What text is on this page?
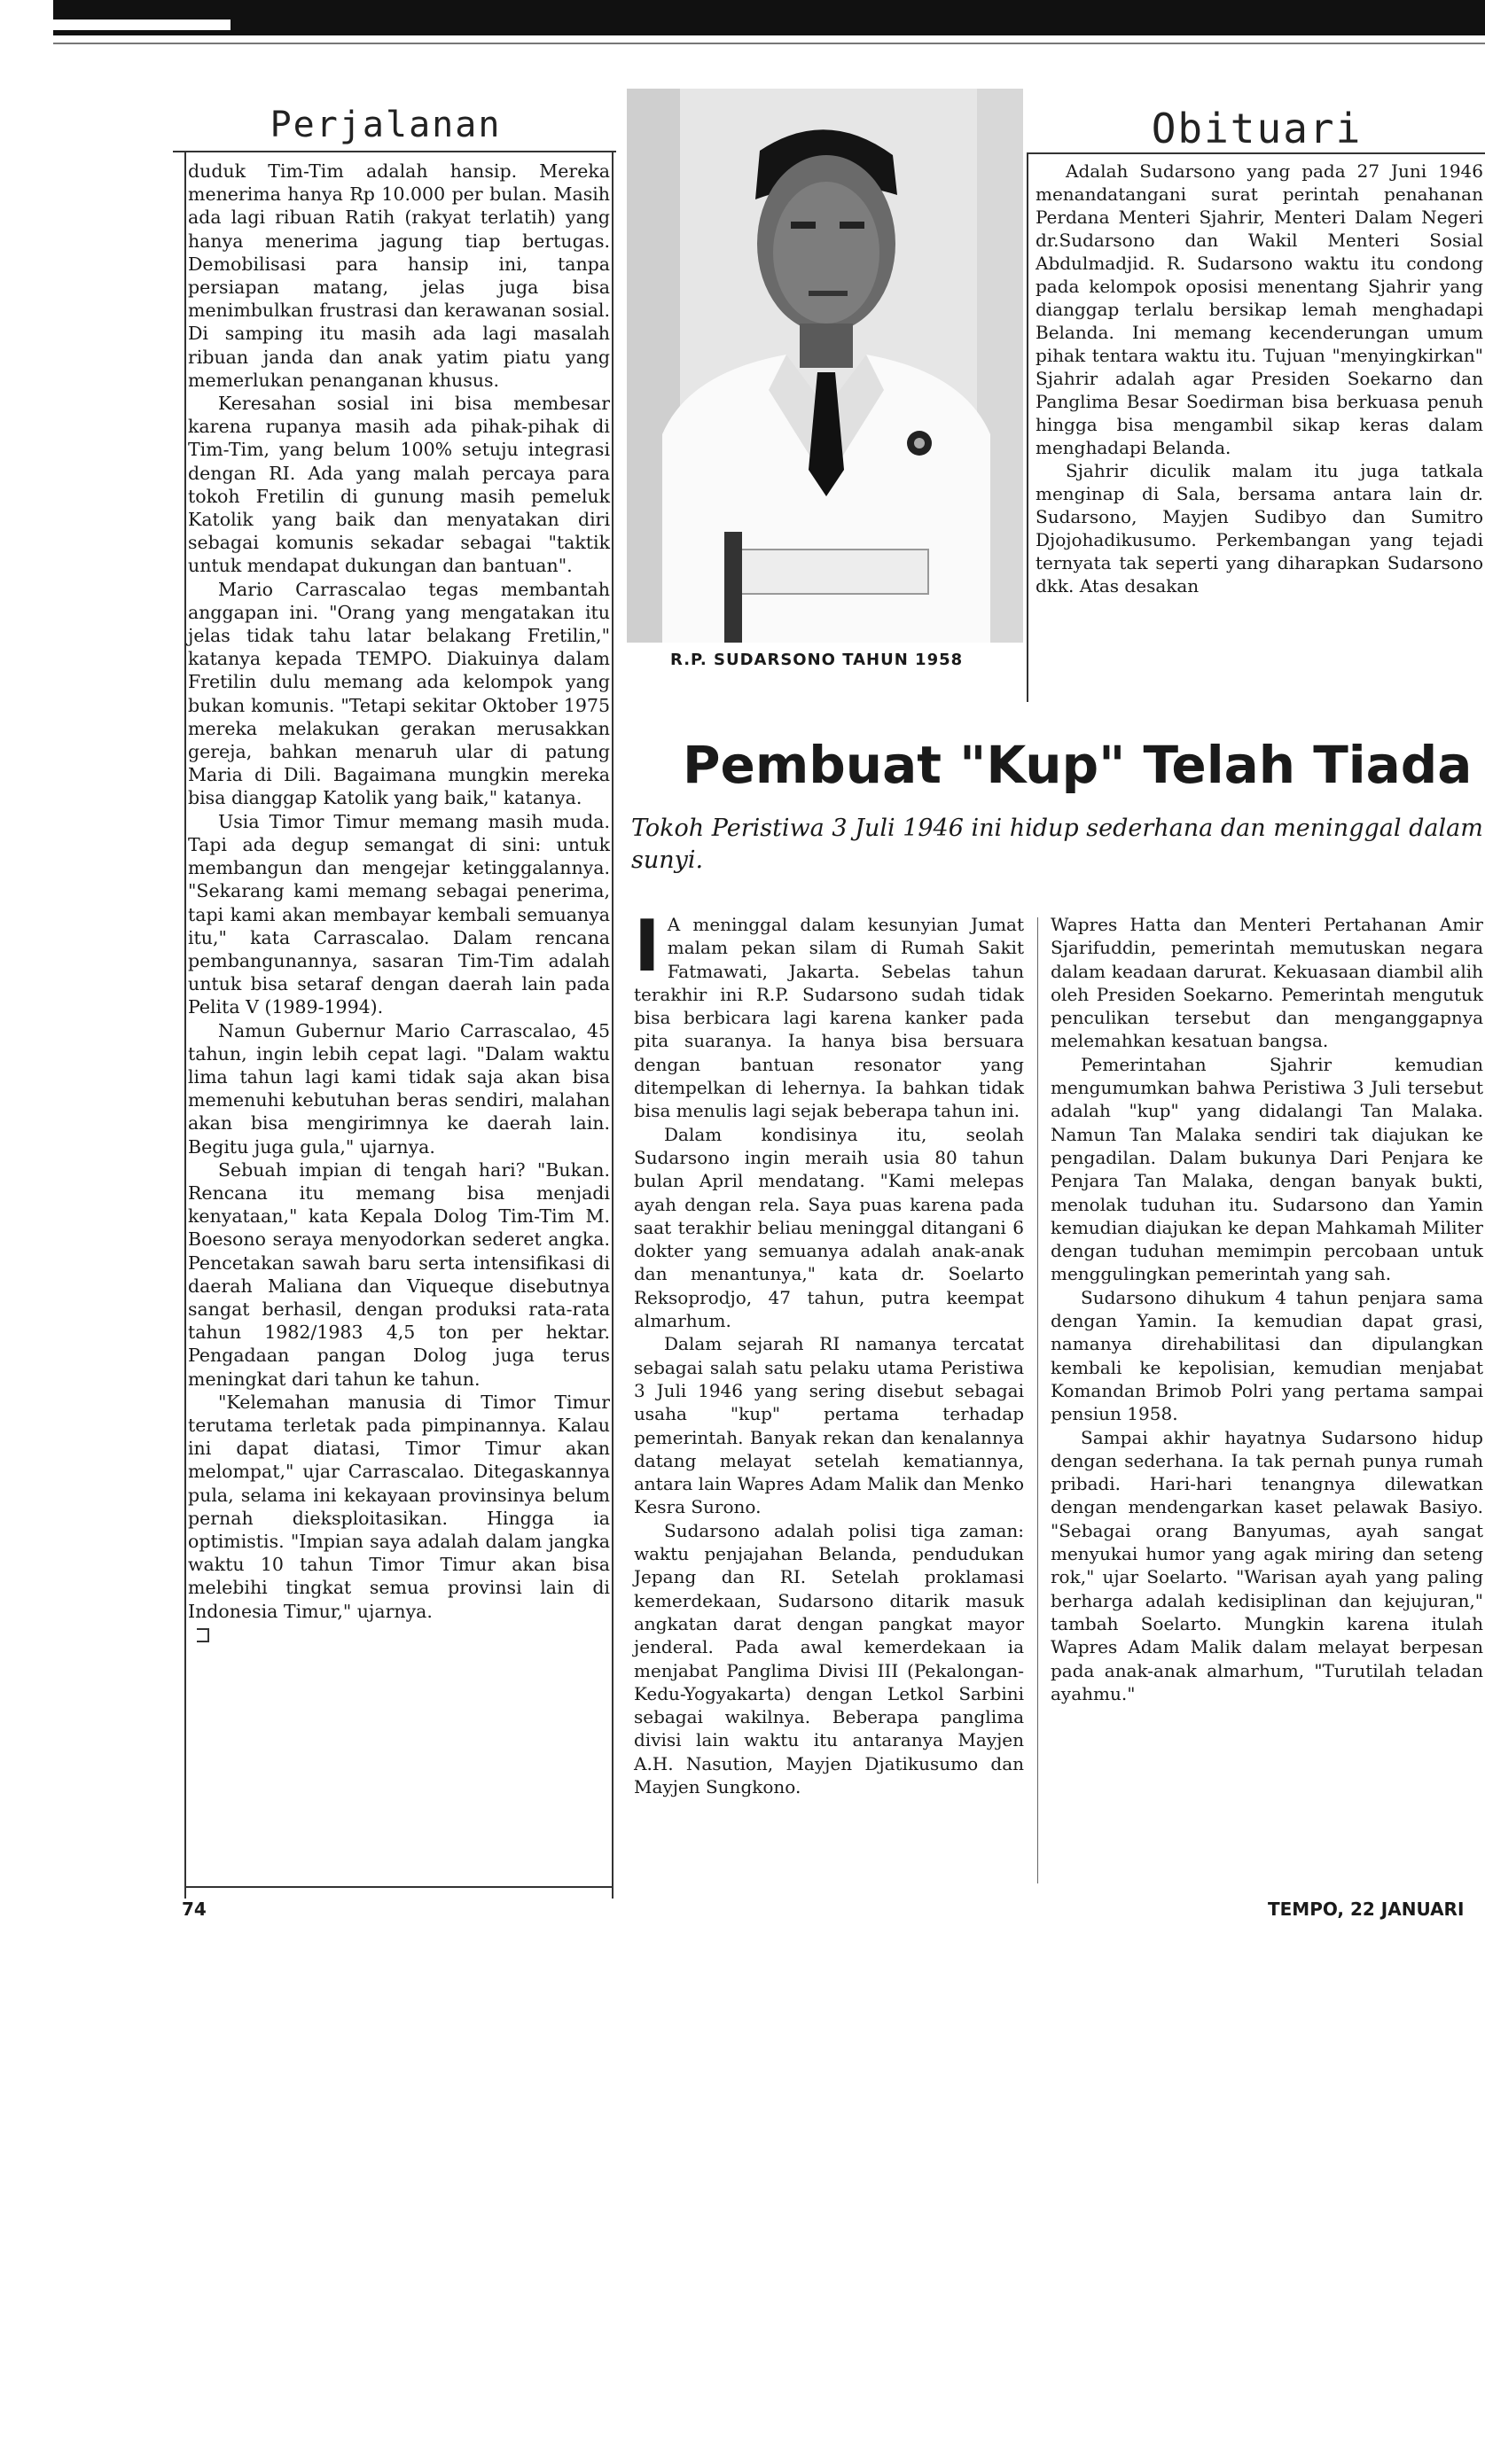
Perjalanan	Obituari

duduk Tim-Tim adalah hansip. Mereka menerima hanya Rp 10.000 per bulan. Masih ada lagi ribuan Ratih (rakyat terlatih) yang hanya menerima jagung tiap bertugas. Demobilisasi para hansip ini, tanpa persiapan matang, jelas juga bisa menimbulkan frustrasi dan kerawanan sosial. Di samping itu masih ada lagi masalah ribuan janda dan anak yatim piatu yang memerlukan penanganan khusus.

Keresahan sosial ini bisa membesar karena rupanya masih ada pihak-pihak di Tim-Tim, yang belum 100% setuju integrasi dengan RI. Ada yang malah percaya para tokoh Fretilin di gunung masih pemeluk Katolik yang baik dan menyatakan diri sebagai komunis sekadar sebagai "taktik untuk mendapat dukungan dan bantuan".

Mario Carrascalao tegas membantah anggapan ini. "Orang yang mengatakan itu jelas tidak tahu latar belakang Fretilin," katanya kepada TEMPO. Diakuinya dalam Fretilin dulu memang ada kelompok yang bukan komunis. "Tetapi sekitar Oktober 1975 mereka melakukan gerakan merusakkan gereja, bahkan menaruh ular di patung Maria di Dili. Bagaimana mungkin mereka bisa dianggap Katolik yang baik," katanya.

Usia Timor Timur memang masih muda. Tapi ada degup semangat di sini: untuk membangun dan mengejar ketinggalannya. "Sekarang kami memang sebagai penerima, tapi kami akan membayar kembali semuanya itu," kata Carrascalao. Dalam rencana pembangunannya, sasaran Tim-Tim adalah untuk bisa setaraf dengan daerah lain pada Pelita V (1989-1994).

Namun Gubernur Mario Carrascalao, 45 tahun, ingin lebih cepat lagi. "Dalam waktu lima tahun lagi kami tidak saja akan bisa memenuhi kebutuhan beras sendiri, malahan akan bisa mengirimnya ke daerah lain. Begitu juga gula," ujarnya.

Sebuah impian di tengah hari? "Bukan. Rencana itu memang bisa menjadi kenyataan," kata Kepala Dolog Tim-Tim M. Boesono seraya menyodorkan sederet angka. Pencetakan sawah baru serta intensifikasi di daerah Maliana dan Viqueque disebutnya sangat berhasil, dengan produksi rata-rata tahun 1982/1983 4,5 ton per hektar. Pengadaan pangan Dolog juga terus meningkat dari tahun ke tahun.

"Kelemahan manusia di Timor Timur terutama terletak pada pimpinannya. Kalau ini dapat diatasi, Timor Timur akan melompat," ujar Carrascalao. Ditegaskannya pula, selama ini kekayaan provinsinya belum pernah dieksploitasikan. Hingga ia optimistis. "Impian saya adalah dalam jangka waktu 10 tahun Timor Timur akan bisa melebihi tingkat semua provinsi lain di Indonesia Timur," ujarnya.

R.P. SUDARSONO TAHUN 1958

Adalah Sudarsono yang pada 27 Juni 1946 menandatangani surat perintah penahanan Perdana Menteri Sjahrir, Menteri Dalam Negeri dr.Sudarsono dan Wakil Menteri Sosial Abdulmadjid. R. Sudarsono waktu itu condong pada kelompok oposisi menentang Sjahrir yang dianggap terlalu bersikap lemah menghadapi Belanda. Ini memang kecenderungan umum pihak tentara waktu itu. Tujuan "menyingkirkan" Sjahrir adalah agar Presiden Soekarno dan Panglima Besar Soedirman bisa berkuasa penuh hingga bisa mengambil sikap keras dalam menghadapi Belanda.

Sjahrir diculik malam itu juga tatkala menginap di Sala, bersama antara lain dr. Sudarsono, Mayjen Sudibyo dan Sumitro Djojohadikusumo. Perkembangan yang tejadi ternyata tak seperti yang diharapkan Sudarsono dkk. Atas desakan

Pembuat "Kup" Telah Tiada
Tokoh Peristiwa 3 Juli 1946 ini hidup sederhana dan meninggal dalam sunyi.

I A meninggal dalam kesunyian Jumat malam pekan silam di Rumah Sakit Fatmawati, Jakarta. Sebelas tahun terakhir ini R.P. Sudarsono sudah tidak bisa berbicara lagi karena kanker pada pita suaranya. Ia hanya bisa bersuara dengan bantuan resonator yang ditempelkan di lehernya. Ia bahkan tidak bisa menulis lagi sejak beberapa tahun ini.

Dalam kondisinya itu, seolah Sudarsono ingin meraih usia 80 tahun bulan April mendatang. "Kami melepas ayah dengan rela. Saya puas karena pada saat terakhir beliau meninggal ditangani 6 dokter yang semuanya adalah anak-anak dan menantunya," kata dr. Soelarto Reksoprodjo, 47 tahun, putra keempat almarhum.

Dalam sejarah RI namanya tercatat sebagai salah satu pelaku utama Peristiwa 3 Juli 1946 yang sering disebut sebagai usaha "kup" pertama terhadap pemerintah. Banyak rekan dan kenalannya datang melayat setelah kematiannya, antara lain Wapres Adam Malik dan Menko Kesra Surono.

Sudarsono adalah polisi tiga zaman: waktu penjajahan Belanda, pendudukan Jepang dan RI. Setelah proklamasi kemerdekaan, Sudarsono ditarik masuk angkatan darat dengan pangkat mayor jenderal. Pada awal kemerdekaan ia menjabat Panglima Divisi III (Pekalongan-Kedu-Yogyakarta) dengan Letkol Sarbini sebagai wakilnya. Beberapa panglima divisi lain waktu itu antaranya Mayjen A.H. Nasution, Mayjen Djatikusumo dan Mayjen Sungkono.

Wapres Hatta dan Menteri Pertahanan Amir Sjarifuddin, pemerintah memutuskan negara dalam keadaan darurat. Kekuasaan diambil alih oleh Presiden Soekarno. Pemerintah mengutuk penculikan tersebut dan menganggapnya melemahkan kesatuan bangsa.

Pemerintahan Sjahrir kemudian mengumumkan bahwa Peristiwa 3 Juli tersebut adalah "kup" yang didalangi Tan Malaka. Namun Tan Malaka sendiri tak diajukan ke pengadilan. Dalam bukunya Dari Penjara ke Penjara Tan Malaka, dengan banyak bukti, menolak tuduhan itu. Sudarsono dan Yamin kemudian diajukan ke depan Mahkamah Militer dengan tuduhan memimpin percobaan untuk menggulingkan pemerintah yang sah.

Sudarsono dihukum 4 tahun penjara sama dengan Yamin. Ia kemudian dapat grasi, namanya direhabilitasi dan dipulangkan kembali ke kepolisian, kemudian menjabat Komandan Brimob Polri yang pertama sampai pensiun 1958.

Sampai akhir hayatnya Sudarsono hidup dengan sederhana. Ia tak pernah punya rumah pribadi. Hari-hari tenangnya dilewatkan dengan mendengarkan kaset pelawak Basiyo. "Sebagai orang Banyumas, ayah sangat menyukai humor yang agak miring dan seteng rok," ujar Soelarto. "Warisan ayah yang paling berharga adalah kedisiplinan dan kejujuran," tambah Soelarto. Mungkin karena itulah Wapres Adam Malik dalam melayat berpesan pada anak-anak almarhum, "Turutilah teladan ayahmu."

74	TEMPO, 22 JANUARI
